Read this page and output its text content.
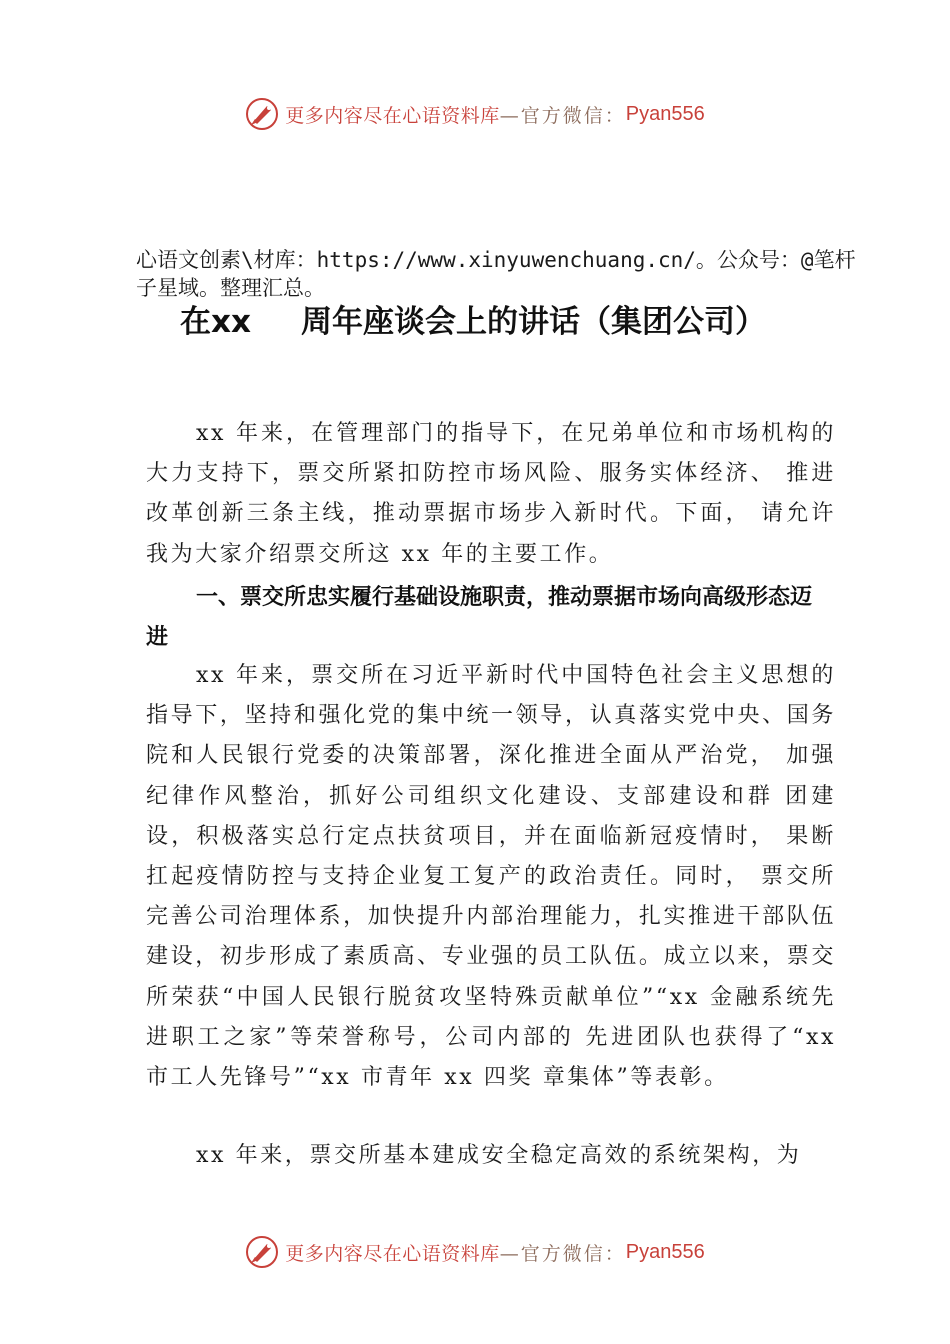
更多内容尽在心语资料库 —官方微信： Pyan556
心语文创素\材库：https://www.xinyuwenchuang.cn/。公众号：@笔杆子星域。整理汇总。
在xx 周年座谈会上的讲话（集团公司）

xx 年来，在管理部门的指导下，在兄弟单位和市场机构的大力支持下，票交所紧扣防控市场风险、服务实体经济、 推进改革创新三条主线，推动票据市场步入新时代。下面， 请允许我为大家介绍票交所这 xx 年的主要工作。

一、票交所忠实履行基础设施职责，推动票据市场向高级形态迈进

xx 年来，票交所在习近平新时代中国特色社会主义思想的指导下，坚持和强化党的集中统一领导，认真落实党中央、国务院和人民银行党委的决策部署，深化推进全面从严治党， 加强纪律作风整治，抓好公司组织文化建设、支部建设和群 团建设，积极落实总行定点扶贫项目，并在面临新冠疫情时， 果断扛起疫情防控与支持企业复工复产的政治责任。同时， 票交所完善公司治理体系，加快提升内部治理能力，扎实推进干部队伍建设，初步形成了素质高、专业强的员工队伍。成立以来，票交所荣获“中国人民银行脱贫攻坚特殊贡献单位”“xx 金融系统先进职工之家”等荣誉称号，公司内部的 先进团队也获得了“xx 市工人先锋号”“xx 市青年 xx 四奖 章集体”等表彰。

xx 年来，票交所基本建成安全稳定高效的系统架构，为

更多内容尽在心语资料库 —官方微信： Pyan556
